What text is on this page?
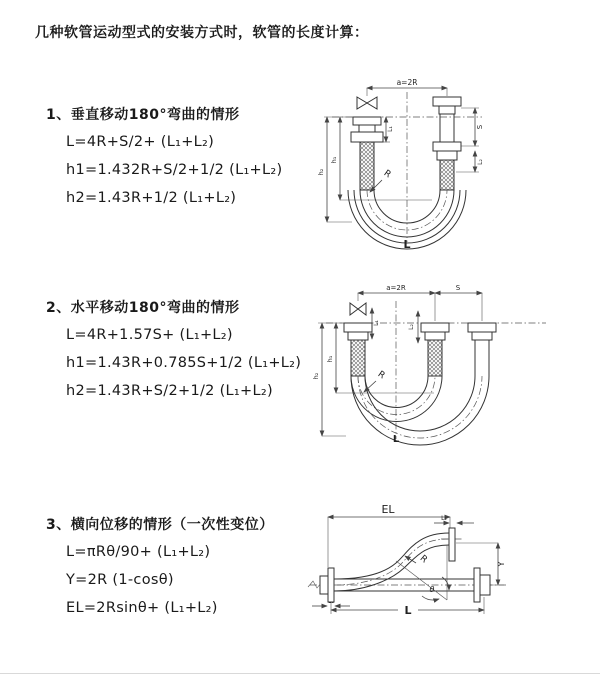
几种软管运动型式的安装方式时，软管的长度计算：
1、垂直移动180°弯曲的情形
L=4R+S/2+ (L₁+L₂)
h1=1.432R+S/2+1/2 (L₁+L₂)
h2=1.43R+1/2 (L₁+L₂)
2、水平移动180°弯曲的情形
L=4R+1.57S+ (L₁+L₂)
h1=1.43R+0.785S+1/2 (L₁+L₂)
h2=1.43R+S/2+1/2 (L₁+L₂)
3、横向位移的情形（一次性变位）
L=πRθ/90+ (L₁+L₂)
Y=2R (1-cosθ)
EL=2Rsinθ+ (L₁+L₂)
a=2R
S
L₂
L₁
h₁
h₂	R
L
a=2R	S
L₁
L₂
h₁
h₂	R
L
EL
L₂
Y
L
θ
R
